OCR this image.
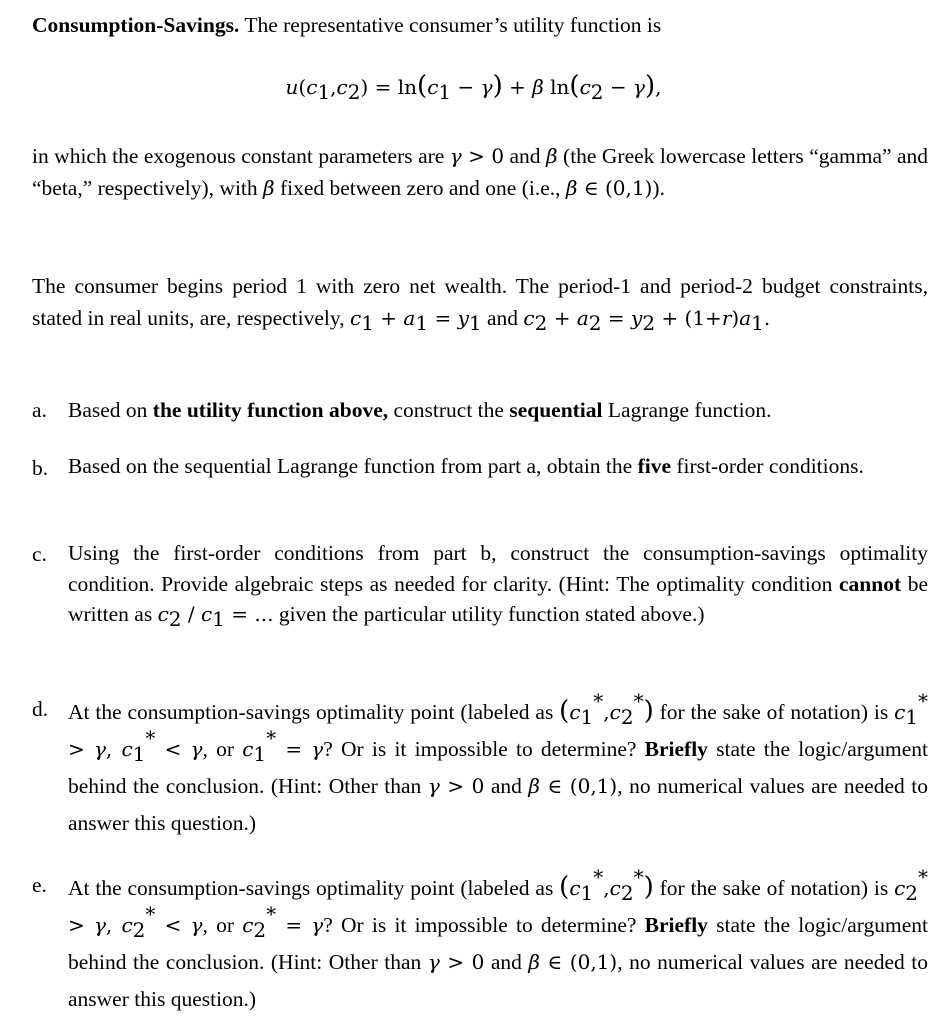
Consumption-Savings. The representative consumer’s utility function is
$u(c_1,c_2) = \ln(c_1 - \gamma) + \beta$ $\ln(c_2 - \gamma)$,
in which the exogenous constant parameters are γ > 0 and β (the Greek lowercase letters “gamma” and “beta,” respectively), with β fixed between zero and one (i.e., β ∈ (0,1)).
The consumer begins period 1 with zero net wealth. The period-1 and period-2 budget constraints, stated in real units, are, respectively, $c_1 + a_1 = y_1$ and $c_2 + a_2 = y_2 + (1+r)a_1$.
a. Based on the utility function above, construct the sequential Lagrange function.
b. Based on the sequential Lagrange function from part a, obtain the five first-order conditions.
c. Using the first-order conditions from part b, construct the consumption-savings optimality condition. Provide algebraic steps as needed for clarity. (Hint: The optimality condition cannot be written as $c_2 / c_1$ = ... given the particular utility function stated above.)
d. At the consumption-savings optimality point (labeled as $(c_1^*,c_2^*)$ for the sake of notation) is $c_1^* > \gamma$, $c_1^* < \gamma$, or $c_1^* = \gamma$? Or is it impossible to determine? Briefly state the logic/argument behind the conclusion. (Hint: Other than γ > 0 and β ∈ (0,1), no numerical values are needed to answer this question.)
e. At the consumption-savings optimality point (labeled as $(c_1^*,c_2^*)$ for the sake of notation) is $c_2^* > \gamma$, $c_2^* < \gamma$, or $c_2^* = \gamma$? Or is it impossible to determine? Briefly state the logic/argument behind the conclusion. (Hint: Other than γ > 0 and β ∈ (0,1), no numerical values are needed to answer this question.)
